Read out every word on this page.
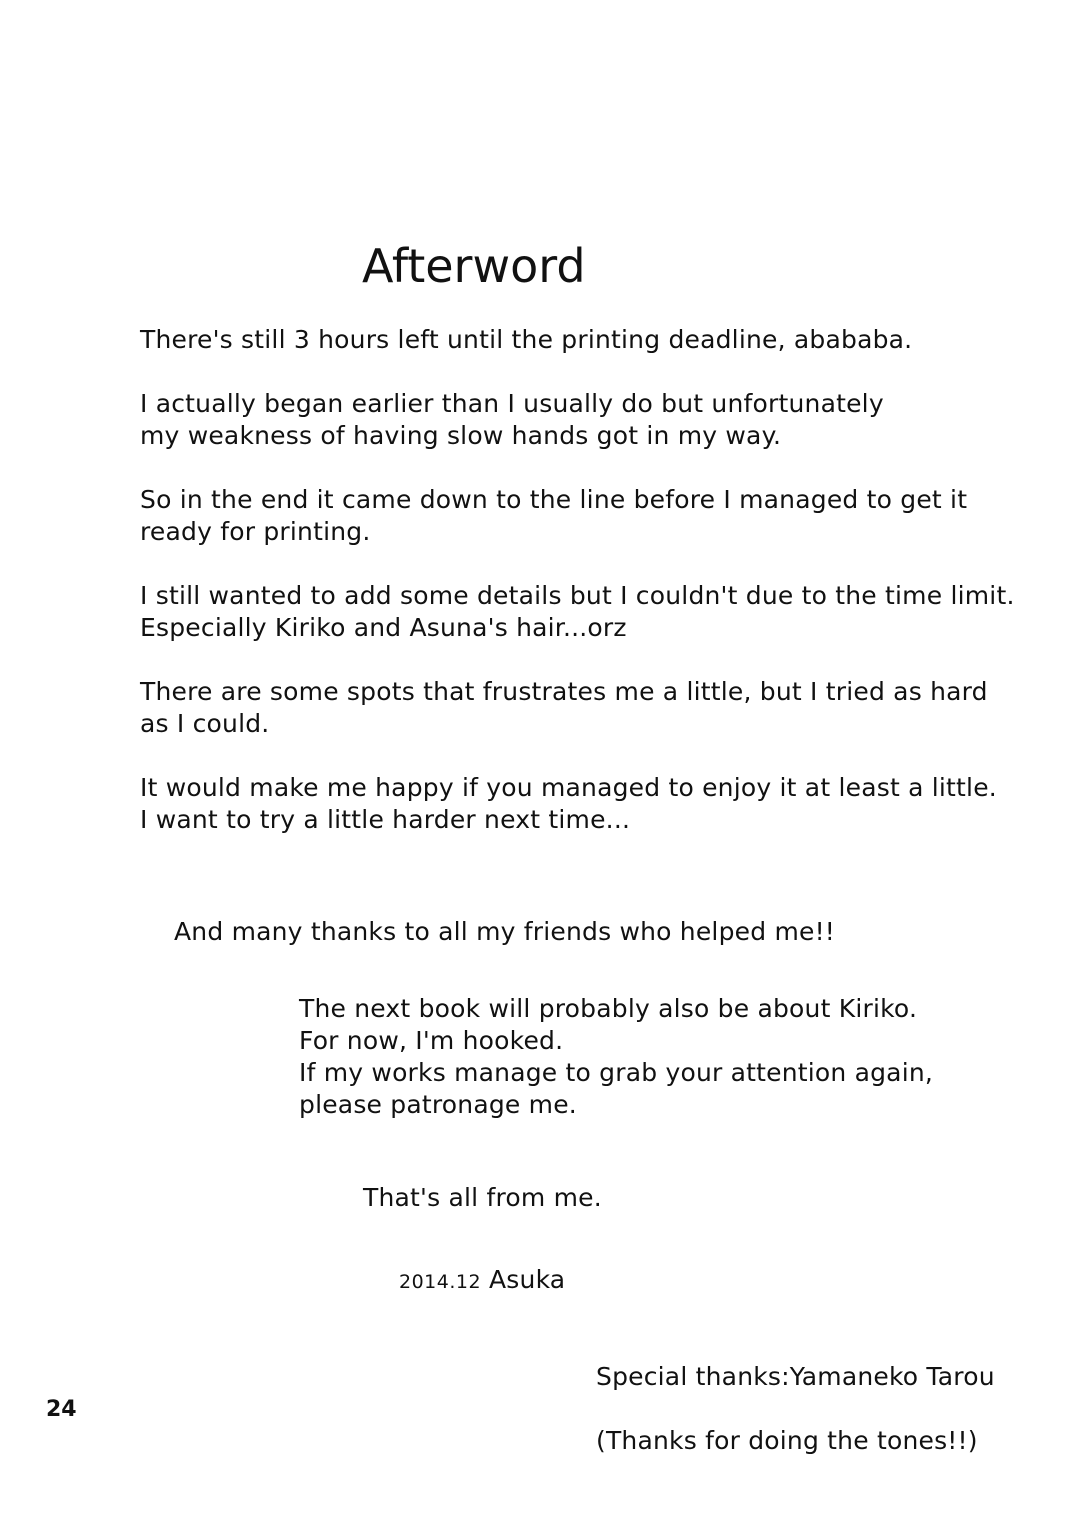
Afterword

There's still 3 hours left until the printing deadline, abababa.

I actually began earlier than I usually do but unfortunately

my weakness of having slow hands got in my way.

So in the end it came down to the line before I managed to get it

ready for printing.

I still wanted to add some details but I couldn't due to the time limit.

Especially Kiriko and Asuna's hair...orz

There are some spots that frustrates me a little, but I tried as hard

as I could.

It would make me happy if you managed to enjoy it at least a little.

I want to try a little harder next time...

And many thanks to all my friends who helped me!!

The next book will probably also be about Kiriko.

For now, I'm hooked.

If my works manage to grab your attention again,

please patronage me.

That's all from me.

2014.12 Asuka

Special thanks:Yamaneko Tarou

(Thanks for doing the tones!!)

24
